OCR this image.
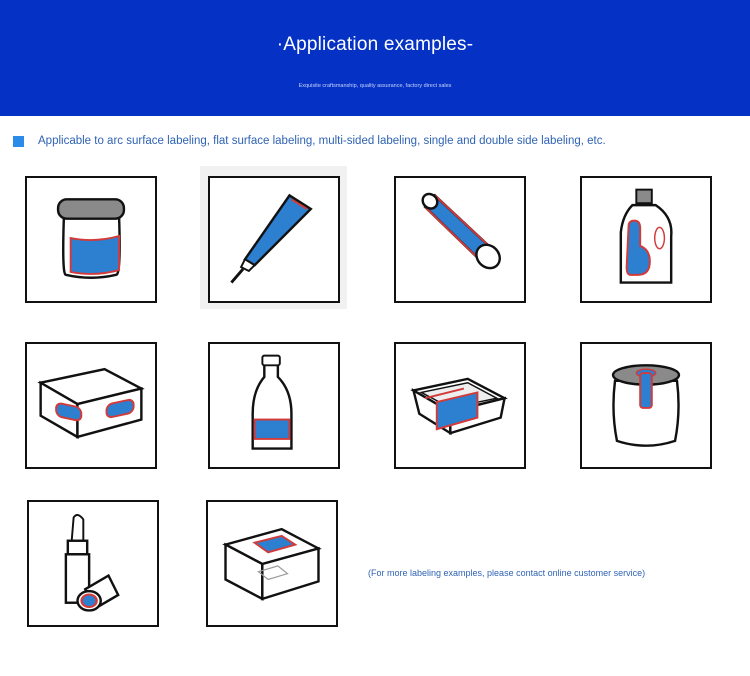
·Application examples-
Exquisite craftsmanship, quality assurance, factory direct sales
Applicable to arc surface labeling, flat surface labeling, multi-sided labeling, single and double side labeling, etc.
(For more labeling examples, please contact online customer service)
